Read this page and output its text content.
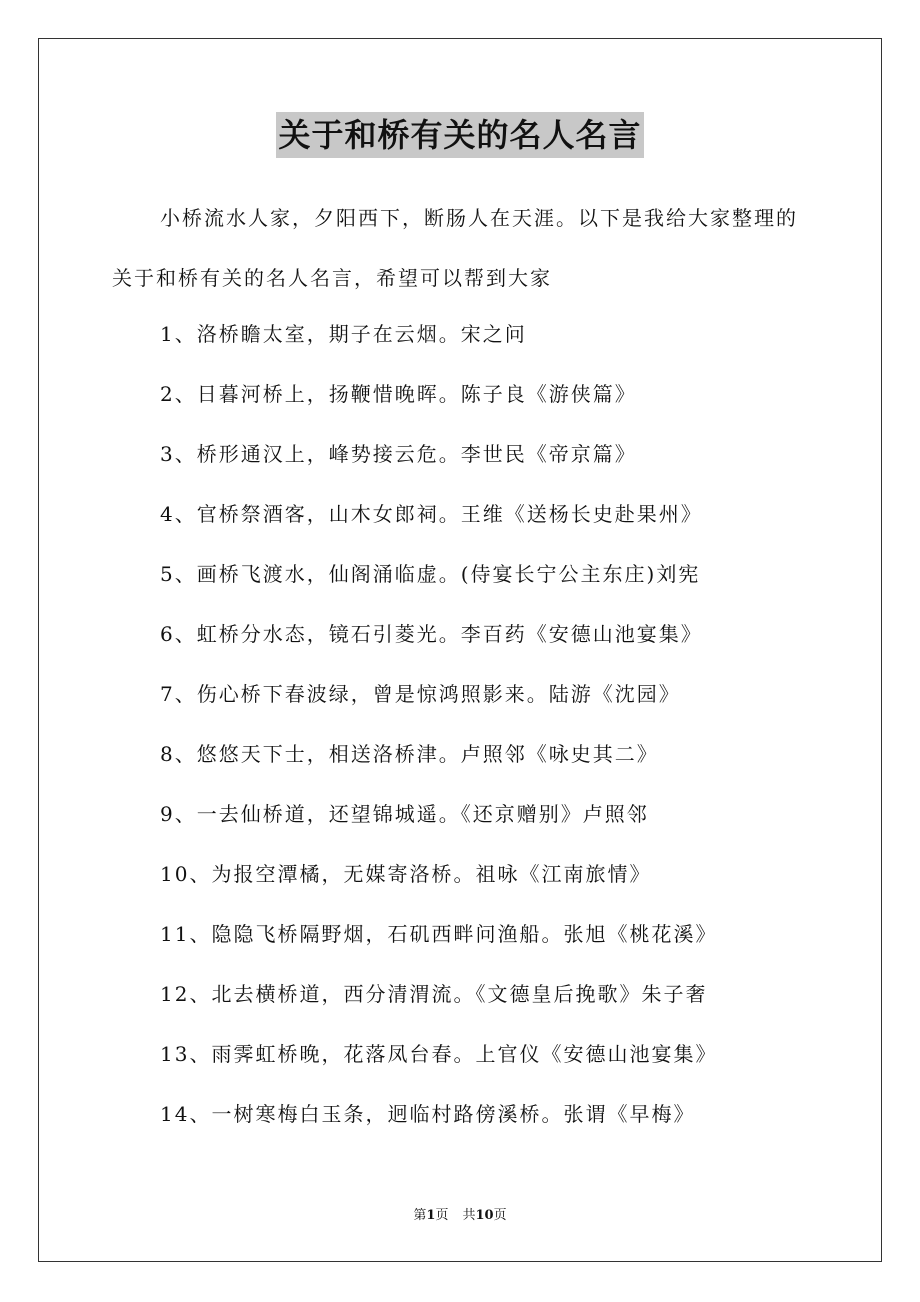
关于和桥有关的名人名言

小桥流水人家，夕阳西下，断肠人在天涯。以下是我给大家整理的关于和桥有关的名人名言，希望可以帮到大家

1、洛桥瞻太室，期子在云烟。宋之问
2、日暮河桥上，扬鞭惜晚晖。陈子良《游侠篇》
3、桥形通汉上，峰势接云危。李世民《帝京篇》
4、官桥祭酒客，山木女郎祠。王维《送杨长史赴果州》
5、画桥飞渡水，仙阁涌临虚。(侍宴长宁公主东庄)刘宪
6、虹桥分水态，镜石引菱光。李百药《安德山池宴集》
7、伤心桥下春波绿，曾是惊鸿照影来。陆游《沈园》
8、悠悠天下士，相送洛桥津。卢照邻《咏史其二》
9、一去仙桥道，还望锦城遥。《还京赠别》卢照邻
10、为报空潭橘，无媒寄洛桥。祖咏《江南旅情》
11、隐隐飞桥隔野烟，石矶西畔问渔船。张旭《桃花溪》
12、北去横桥道，西分清渭流。《文德皇后挽歌》朱子奢
13、雨霁虹桥晚，花落凤台春。上官仪《安德山池宴集》
14、一树寒梅白玉条，迥临村路傍溪桥。张谓《早梅》
第1页 共10页
